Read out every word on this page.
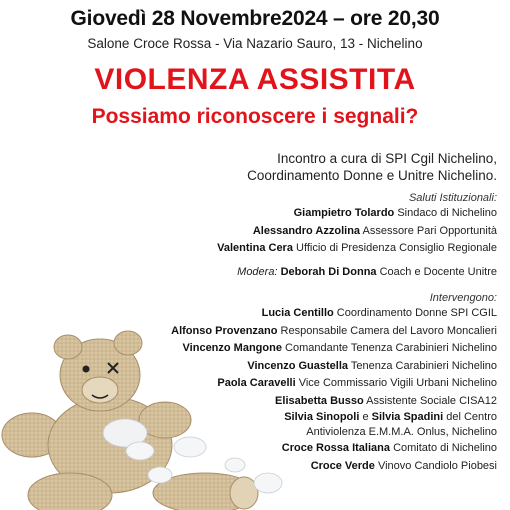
Giovedì 28 Novembre2024 – ore 20,30
Salone Croce Rossa - Via Nazario Sauro, 13 - Nichelino
VIOLENZA ASSISTITA
Possiamo riconoscere i segnali?
Incontro a cura di SPI Cgil Nichelino,
Coordinamento Donne e Unitre Nichelino.
Saluti Istituzionali:
Giampietro Tolardo Sindaco di Nichelino
Alessandro Azzolina Assessore Pari Opportunità
Valentina Cera Ufficio di Presidenza Consiglio Regionale
Modera: Deborah Di Donna Coach e Docente Unitre
Intervengono:
Lucia Centillo Coordinamento Donne SPI CGIL
Alfonso Provenzano Responsabile Camera del Lavoro Moncalieri
Vincenzo Mangone Comandante Tenenza Carabinieri Nichelino
Vincenzo Guastella Tenenza Carabinieri Nichelino
Paola Caravelli Vice Commissario Vigili Urbani Nichelino
Elisabetta Busso Assistente Sociale CISA12
Silvia Sinopoli e Silvia Spadini del Centro
Antiviolenza E.M.M.A. Onlus, Nichelino
Croce Rossa Italiana Comitato di Nichelino
Croce Verde Vinovo Candiolo Piobesi
